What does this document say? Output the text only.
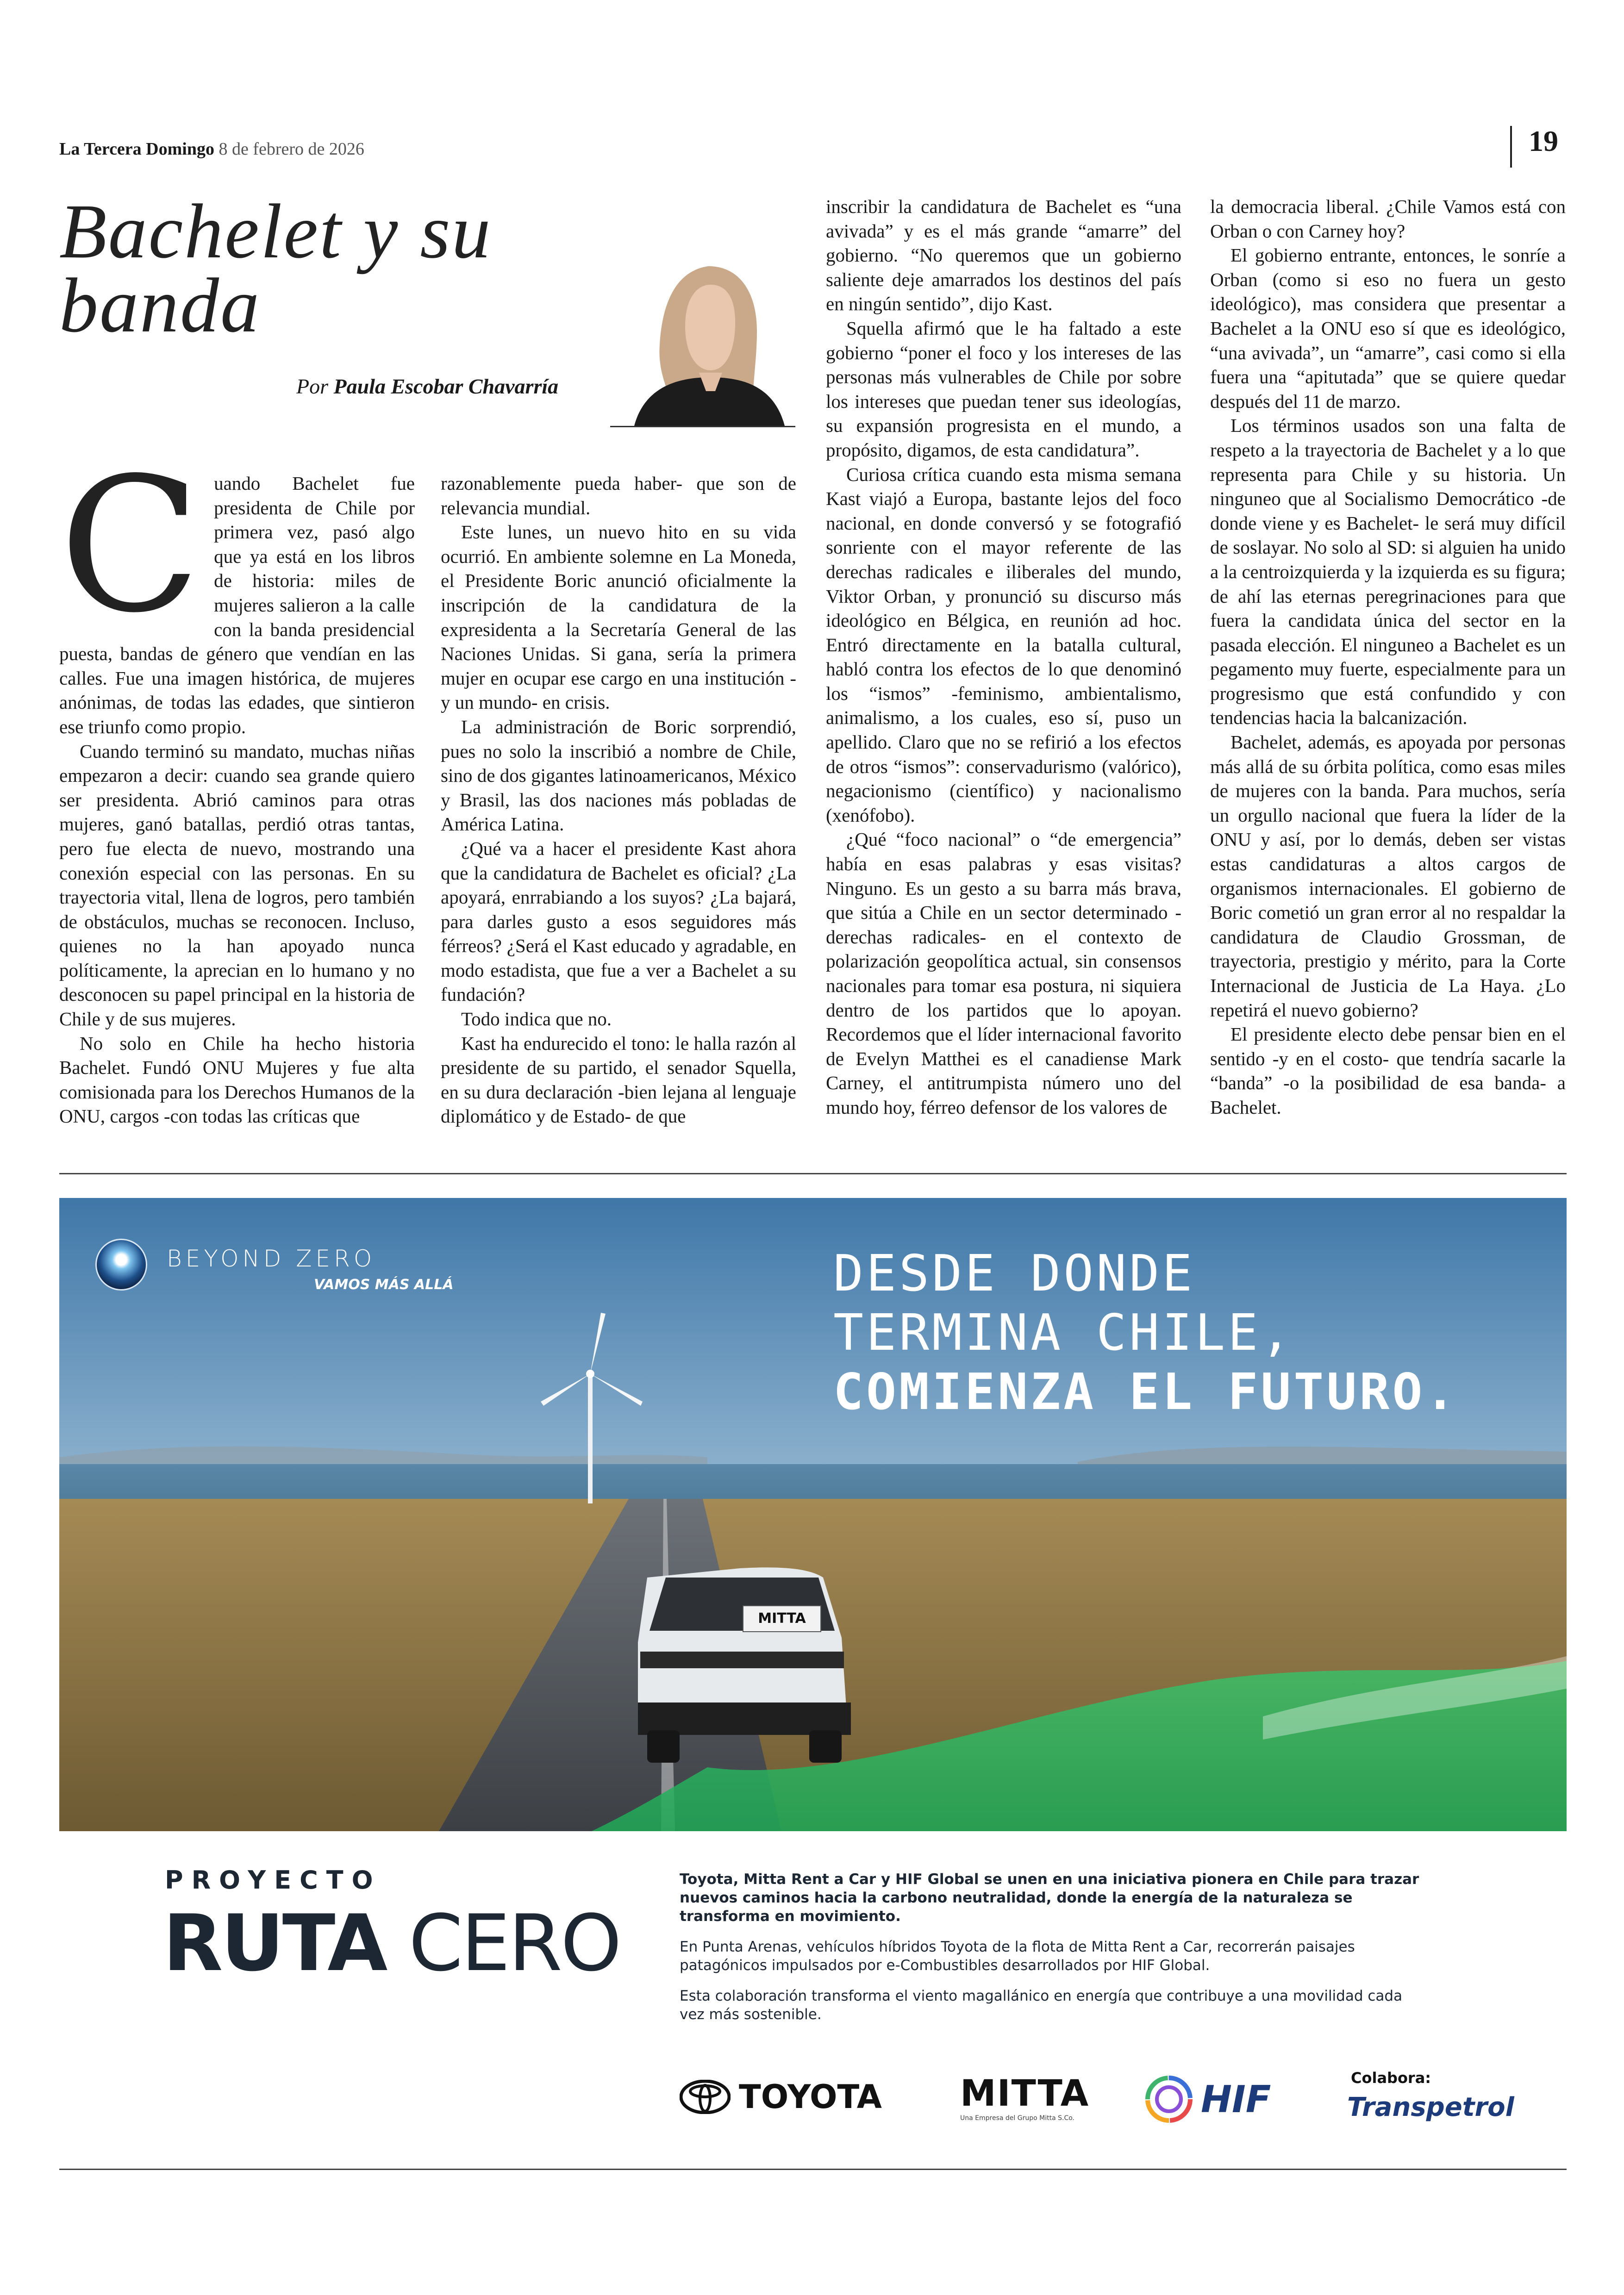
La Tercera Domingo 8 de febrero de 2026	19
Bachelet y su
banda
Por Paula Escobar Chavarría
C uando Bachelet fue presidenta de Chile por primera vez, pasó algo que ya está en los libros de historia: miles de mujeres salieron a la calle con la banda presidencial puesta, bandas de género que vendían en las calles. Fue una imagen histórica, de mujeres anónimas, de todas las edades, que sintieron ese triunfo como propio.

Cuando terminó su mandato, muchas niñas empezaron a decir: cuando sea grande quiero ser presidenta. Abrió caminos para otras mujeres, ganó batallas, perdió otras tantas, pero fue electa de nuevo, mostrando una conexión especial con las personas. En su trayectoria vital, llena de logros, pero también de obstáculos, muchas se reconocen. Incluso, quienes no la han apoyado nunca políticamente, la aprecian en lo humano y no desconocen su papel principal en la historia de Chile y de sus mujeres.

No solo en Chile ha hecho historia Bachelet. Fundó ONU Mujeres y fue alta comisionada para los Derechos Humanos de la ONU, cargos -con todas las críticas que

razonablemente pueda haber- que son de relevancia mundial.

Este lunes, un nuevo hito en su vida ocurrió. En ambiente solemne en La Moneda, el Presidente Boric anunció oficialmente la inscripción de la candidatura de la expresidenta a la Secretaría General de las Naciones Unidas. Si gana, sería la primera mujer en ocupar ese cargo en una institución -y un mundo- en crisis.

La administración de Boric sorprendió, pues no solo la inscribió a nombre de Chile, sino de dos gigantes latinoamericanos, México y Brasil, las dos naciones más pobladas de América Latina.

¿Qué va a hacer el presidente Kast ahora que la candidatura de Bachelet es oficial? ¿La apoyará, enrrabiando a los suyos? ¿La bajará, para darles gusto a esos seguidores más férreos? ¿Será el Kast educado y agradable, en modo estadista, que fue a ver a Bachelet a su fundación?

Todo indica que no.

Kast ha endurecido el tono: le halla razón al presidente de su partido, el senador Squella, en su dura declaración -bien lejana al lenguaje diplomático y de Estado- de que

inscribir la candidatura de Bachelet es “una avivada” y es el más grande “amarre” del gobierno. “No queremos que un gobierno saliente deje amarrados los destinos del país en ningún sentido”, dijo Kast.

Squella afirmó que le ha faltado a este gobierno “poner el foco y los intereses de las personas más vulnerables de Chile por sobre los intereses que puedan tener sus ideologías, su expansión progresista en el mundo, a propósito, digamos, de esta candidatura”.

Curiosa crítica cuando esta misma semana Kast viajó a Europa, bastante lejos del foco nacional, en donde conversó y se fotografió sonriente con el mayor referente de las derechas radicales e iliberales del mundo, Viktor Orban, y pronunció su discurso más ideológico en Bélgica, en reunión ad hoc. Entró directamente en la batalla cultural, habló contra los efectos de lo que denominó los “ismos” -feminismo, ambientalismo, animalismo, a los cuales, eso sí, puso un apellido. Claro que no se refirió a los efectos de otros “ismos”: conservadurismo (valórico), negacionismo (científico) y nacionalismo (xenófobo).

¿Qué “foco nacional” o “de emergencia” había en esas palabras y esas visitas? Ninguno. Es un gesto a su barra más brava, que sitúa a Chile en un sector determinado -derechas radicales- en el contexto de polarización geopolítica actual, sin consensos nacionales para tomar esa postura, ni siquiera dentro de los partidos que lo apoyan. Recordemos que el líder internacional favorito de Evelyn Matthei es el canadiense Mark Carney, el antitrumpista número uno del mundo hoy, férreo defensor de los valores de

la democracia liberal. ¿Chile Vamos está con Orban o con Carney hoy?

El gobierno entrante, entonces, le sonríe a Orban (como si eso no fuera un gesto ideológico), mas considera que presentar a Bachelet a la ONU eso sí que es ideológico, “una avivada”, un “amarre”, casi como si ella fuera una “apitutada” que se quiere quedar después del 11 de marzo.

Los términos usados son una falta de respeto a la trayectoria de Bachelet y a lo que representa para Chile y su historia. Un ninguneo que al Socialismo Democrático -de donde viene y es Bachelet- le será muy difícil de soslayar. No solo al SD: si alguien ha unido a la centroizquierda y la izquierda es su figura; de ahí las eternas peregrinaciones para que fuera la candidata única del sector en la pasada elección. El ninguneo a Bachelet es un pegamento muy fuerte, especialmente para un progresismo que está confundido y con tendencias hacia la balcanización.

Bachelet, además, es apoyada por personas más allá de su órbita política, como esas miles de mujeres con la banda. Para muchos, sería un orgullo nacional que fuera la líder de la ONU y así, por lo demás, deben ser vistas estas candidaturas a altos cargos de organismos internacionales. El gobierno de Boric cometió un gran error al no respaldar la candidatura de Claudio Grossman, de trayectoria, prestigio y mérito, para la Corte Internacional de Justicia de La Haya. ¿Lo repetirá el nuevo gobierno?

El presidente electo debe pensar bien en el sentido -y en el costo- que tendría sacarle la “banda” -o la posibilidad de esa banda- a Bachelet.

BEYOND ZERO
VAMOS MÁS ALLÁ	DESDE DONDE
TERMINA CHILE,
COMIENZA EL FUTURO.
MITTA
PROYECTO
RUTA CERO

Toyota, Mitta Rent a Car y HIF Global se unen en una iniciativa pionera en Chile para trazar nuevos caminos hacia la carbono neutralidad, donde la energía de la naturaleza se transforma en movimiento.

En Punta Arenas, vehículos híbridos Toyota de la flota de Mitta Rent a Car, recorrerán paisajes patagónicos impulsados por e-Combustibles desarrollados por HIF Global.

Esta colaboración transforma el viento magallánico en energía que contribuye a una movilidad cada vez más sostenible.

TOYOTA MITTA
Una Empresa del Grupo Mitta S.Co.	HIF	Colabora:
Transpetrol
